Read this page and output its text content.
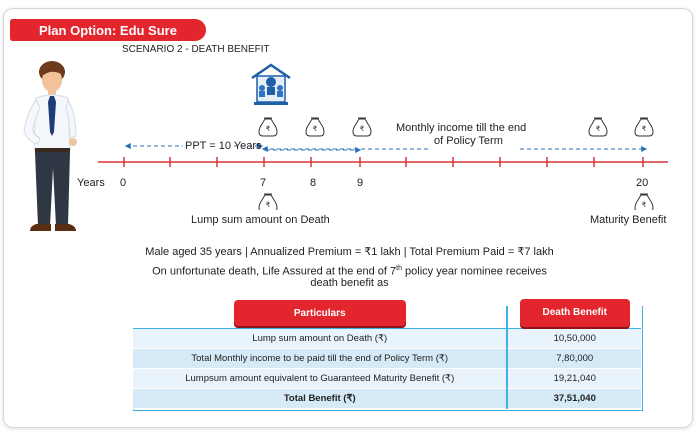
Plan Option: Edu Sure
SCENARIO 2 - DEATH BENEFIT
₹	₹	₹	₹	₹
₹	₹
PPT = 10 Years
Monthly income till the end
of Policy Term
Years 0	7	8	9	20
Lump sum amount on Death	Maturity Benefit
Male aged 35 years | Annualized Premium = ₹1 lakh | Total Premium Paid = ₹7 lakh
On unfortunate death, Life Assured at the end of 7th policy year nominee receives
death benefit as
Particulars	Death Benefit
Lump sum amount on Death (₹)	10,50,000
Total Monthly income to be paid till the end of Policy Term (₹)	7,80,000
Lumpsum amount equivalent to Guaranteed Maturity Benefit (₹)	19,21,040
Total Benefit (₹)	37,51,040
